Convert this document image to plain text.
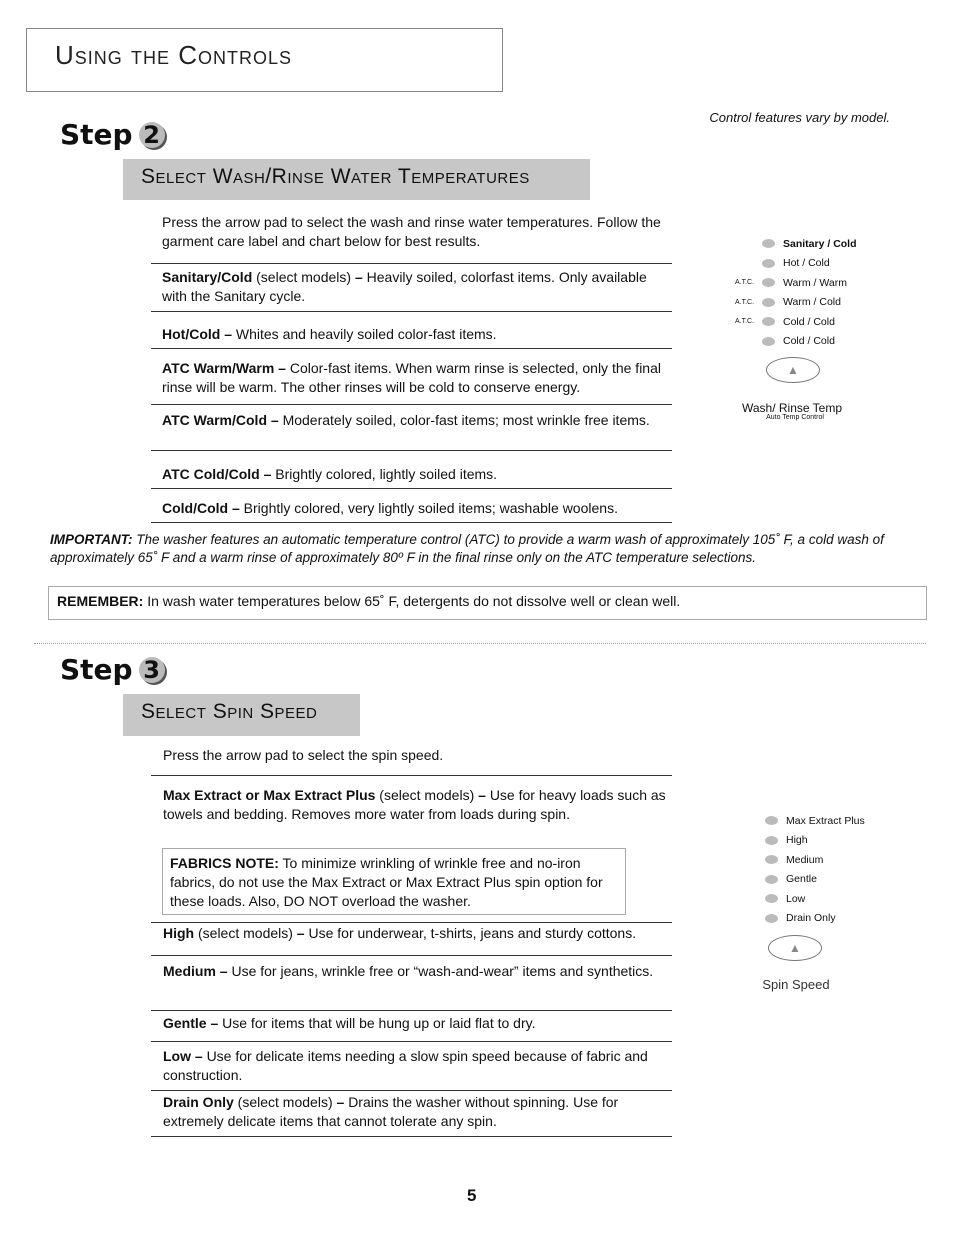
Using the Controls
Control features vary by model.
Step 2
Select Wash/Rinse Water Temperatures
Press the arrow pad to select the wash and rinse water temperatures. Follow the garment care label and chart below for best results.
Sanitary/Cold (select models) – Heavily soiled, colorfast items. Only available with the Sanitary cycle.
Hot/Cold – Whites and heavily soiled color-fast items.
ATC Warm/Warm – Color-fast items. When warm rinse is selected, only the final rinse will be warm. The other rinses will be cold to conserve energy.
ATC Warm/Cold – Moderately soiled, color-fast items; most wrinkle free items.
ATC Cold/Cold – Brightly colored, lightly soiled items.
Cold/Cold – Brightly colored, very lightly soiled items; washable woolens.
Sanitary / Cold
Hot / Cold
A.T.C.	Warm / Warm
A.T.C.	Warm / Cold
A.T.C.	Cold / Cold
Cold / Cold
▲
Wash/ Rinse Temp
Auto Temp Control
IMPORTANT: The washer features an automatic temperature control (ATC) to provide a warm wash of approximately 105˚ F, a cold wash of approximately 65˚ F and a warm rinse of approximately 80º F in the final rinse only on the ATC temperature selections.
REMEMBER: In wash water temperatures below 65˚ F, detergents do not dissolve well or clean well.
Step 3
Select Spin Speed
Press the arrow pad to select the spin speed.
Max Extract or Max Extract Plus (select models) – Use for heavy loads such as towels and bedding. Removes more water from loads during spin.
FABRICS NOTE: To minimize wrinkling of wrinkle free and no-iron fabrics, do not use the Max Extract or Max Extract Plus spin option for these loads. Also, DO NOT overload the washer.
High (select models) – Use for underwear, t-shirts, jeans and sturdy cottons.
Medium – Use for jeans, wrinkle free or “wash-and-wear” items and synthetics.
Gentle – Use for items that will be hung up or laid flat to dry.
Low – Use for delicate items needing a slow spin speed because of fabric and construction.
Drain Only (select models) – Drains the washer without spinning. Use for extremely delicate items that cannot tolerate any spin.
Max Extract Plus
High
Medium
Gentle
Low
Drain Only
▲
Spin Speed
5
